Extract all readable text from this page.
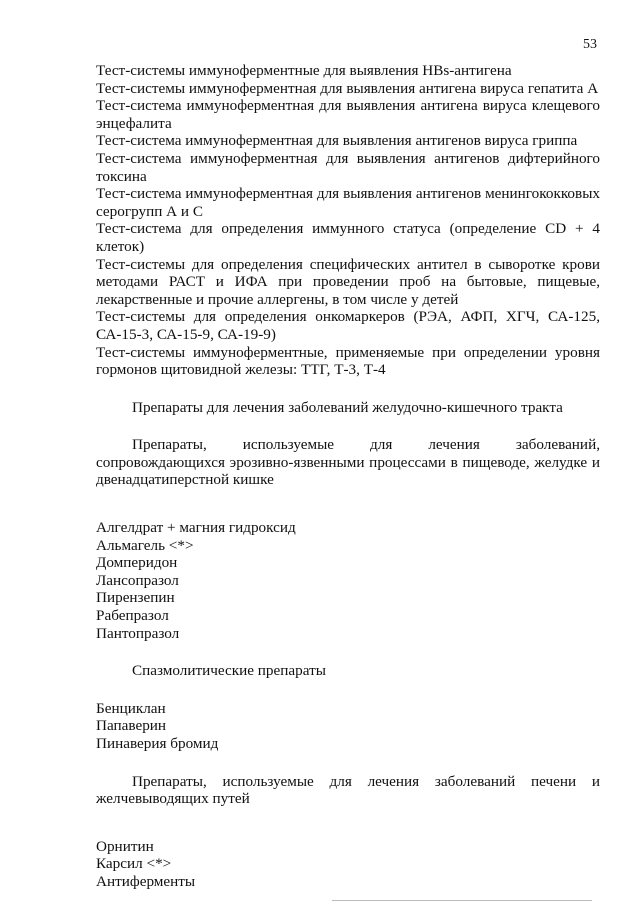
53

Тест-системы иммуноферментные для выявления HBs-антигена

Тест-системы иммуноферментная для выявления антигена вируса гепатита А

Тест-система иммуноферментная для выявления антигена вируса клещевого энцефалита

Тест-система иммуноферментная для выявления антигенов вируса гриппа

Тест-система иммуноферментная для выявления антигенов дифтерийного токсина

Тест-система иммуноферментная для выявления антигенов менингококковых серогрупп А и С

Тест-система для определения иммунного статуса (определение CD + 4 клеток)

Тест-системы для определения специфических антител в сыворотке крови методами РАСТ и ИФА при проведении проб на бытовые, пищевые, лекарственные и прочие аллергены, в том числе у детей

Тест-системы для определения онкомаркеров (РЭА, АФП, ХГЧ, СА-125, СА-15-3, СА-15-9, СА-19-9)

Тест-системы иммуноферментные, применяемые при определении уровня гормонов щитовидной железы: ТТГ, Т-3, Т-4

Препараты для лечения заболеваний желудочно-кишечного тракта

Препараты, используемые для лечения заболеваний, сопровождающихся эрозивно-язвенными процессами в пищеводе, желудке и двенадцатиперстной кишке

Алгелдрат + магния гидроксид
Альмагель <*>
Домперидон
Лансопразол
Пирензепин
Рабепразол
Пантопразол

Спазмолитические препараты

Бенциклан
Папаверин
Пинаверия бромид

Препараты, используемые для лечения заболеваний печени и желчевыводящих путей

Орнитин
Карсил <*>
Антиферменты
